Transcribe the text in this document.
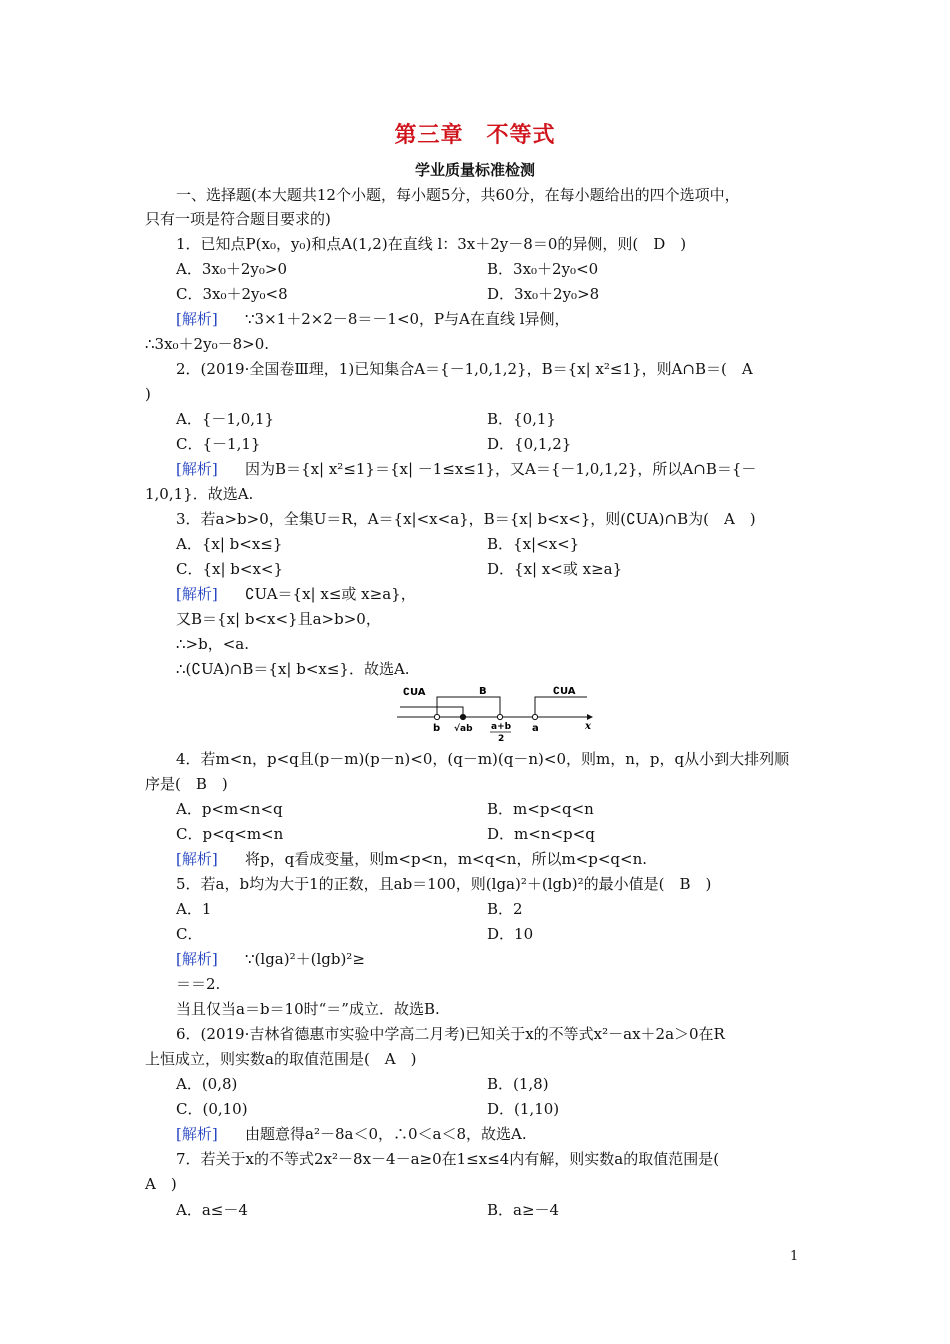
第三章　不等式
学业质量标准检测
一、选择题(本大题共12个小题，每小题5分，共60分，在每小题给出的四个选项中，
只有一项是符合题目要求的)
1．已知点P(x₀，y₀)和点A(1,2)在直线 l：3x＋2y－8＝0的异侧，则(　D　)
A．3x₀＋2y₀>0	B．3x₀＋2y₀<0
C．3x₀＋2y₀<8	D．3x₀＋2y₀>8
[解析] ∵3×1＋2×2－8＝－1<0，P与A在直线 l异侧，
∴3x₀＋2y₀－8>0.
2．(2019·全国卷Ⅲ理，1)已知集合A＝{－1,0,1,2}，B＝{x| x²≤1}，则A∩B＝(　A
)
A．{－1,0,1}	B．{0,1}
C．{－1,1}	D．{0,1,2}
[解析] 因为B＝{x| x²≤1}＝{x| －1≤x≤1}，又A＝{－1,0,1,2}，所以A∩B＝{－
1,0,1}．故选A.
3．若a>b>0，全集U＝R，A＝{x|<x<a}，B＝{x| b<x<}，则(∁UA)∩B为(　A　)
A．{x| b<x≤}	B．{x|<x<}
C．{x| b<x<}	D．{x| x<或 x≥a}
[解析] ∁UA＝{x| x≤或 x≥a}，
又B＝{x| b<x<}且a>b>0，
∴>b，<a.
∴(∁UA)∩B＝{x| b<x≤}．故选A.
∁UA	B	∁UA
b √ab a+b
2
a	x
4．若m<n，p<q且(p－m)(p－n)<0，(q－m)(q－n)<0，则m，n，p，q从小到大排列顺
序是(　B　)
A．p<m<n<q	B．m<p<q<n
C．p<q<m<n	D．m<n<p<q
[解析] 将p，q看成变量，则m<p<n，m<q<n，所以m<p<q<n.
5．若a，b均为大于1的正数，且ab＝100，则(lga)²＋(lgb)²的最小值是(　B　)
A．1	B．2
C．	D．10
[解析] ∵(lga)²＋(lgb)²≥
＝＝2.
当且仅当a＝b＝10时“＝”成立．故选B.
6．(2019·吉林省德惠市实验中学高二月考)已知关于x的不等式x²－ax＋2a＞0在R
上恒成立，则实数a的取值范围是(　A　)
A．(0,8)	B．(1,8)
C．(0,10)	D．(1,10)
[解析] 由题意得a²－8a＜0，∴0＜a＜8，故选A.
7．若关于x的不等式2x²－8x－4－a≥0在1≤x≤4内有解，则实数a的取值范围是(
A　)
A．a≤－4	B．a≥－4
1
